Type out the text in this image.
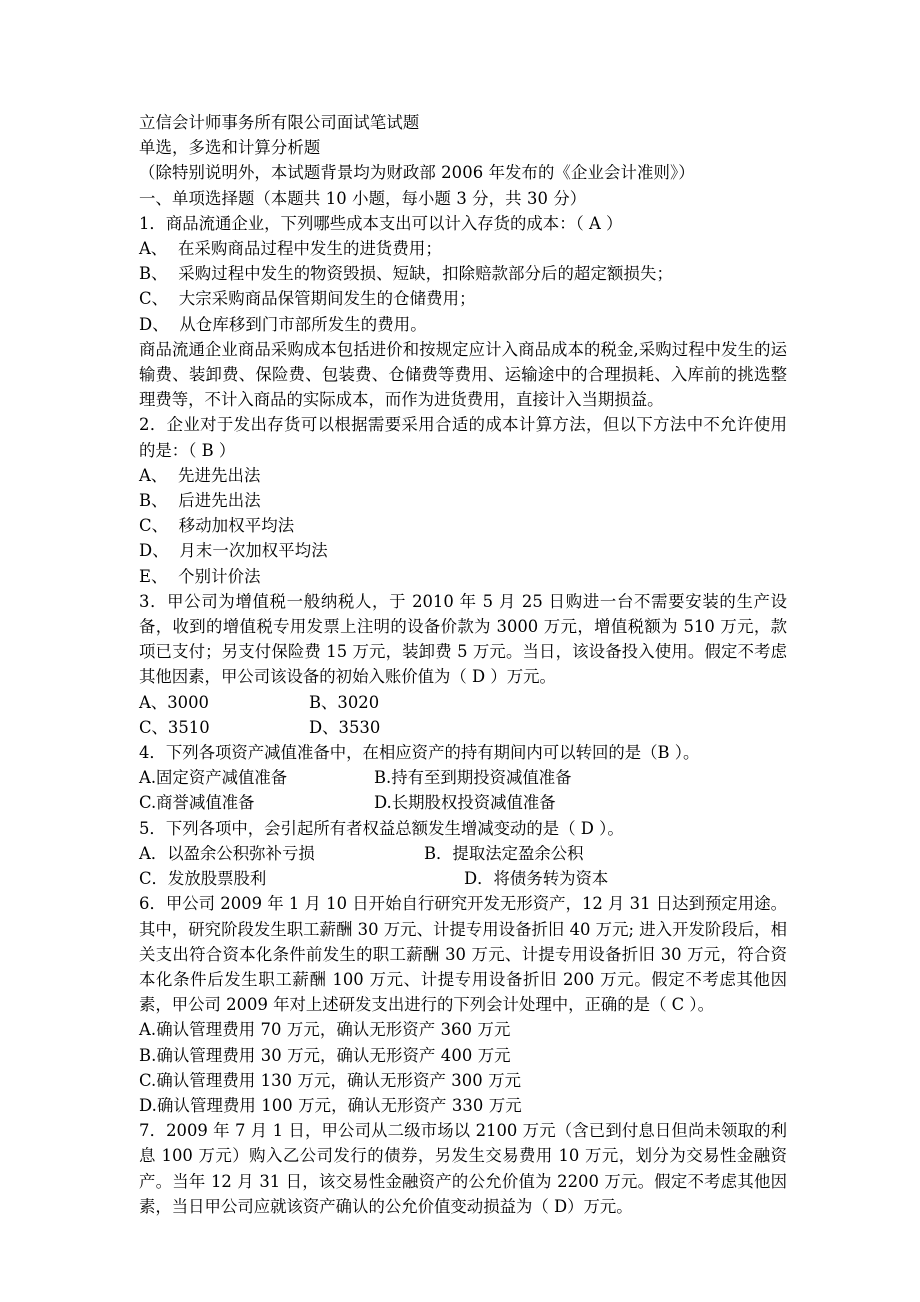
立信会计师事务所有限公司面试笔试题

单选，多选和计算分析题

（除特别说明外，本试题背景均为财政部 2006 年发布的《企业会计准则》）

一、单项选择题（本题共 10 小题，每小题 3 分，共 30 分）

1．商品流通企业，下列哪些成本支出可以计入存货的成本：（ A ）

A、  在采购商品过程中发生的进货费用；

B、  采购过程中发生的物资毁损、短缺，扣除赔款部分后的超定额损失；

C、  大宗采购商品保管期间发生的仓储费用；

D、  从仓库移到门市部所发生的费用。

商品流通企业商品采购成本包括进价和按规定应计入商品成本的税金,采购过程中发生的运输费、装卸费、保险费、包装费、仓储费等费用、运输途中的合理损耗、入库前的挑选整理费等，不计入商品的实际成本，而作为进货费用，直接计入当期损益。

2．企业对于发出存货可以根据需要采用合适的成本计算方法，但以下方法中不允许使用的是：（ B ）

A、  先进先出法

B、  后进先出法

C、  移动加权平均法

D、  月末一次加权平均法

E、  个别计价法

3．甲公司为增值税一般纳税人，于 2010 年 5 月 25 日购进一台不需要安装的生产设备，收到的增值税专用发票上注明的设备价款为 3000 万元，增值税额为 510 万元，款项已支付；另支付保险费 15 万元，装卸费 5 万元。当日，该设备投入使用。假定不考虑其他因素，甲公司该设备的初始入账价值为（ D ）万元。

A、3000	B、3020
C、3510	D、3530

4．下列各项资产减值准备中，在相应资产的持有期间内可以转回的是（B ）。

A.固定资产减值准备	B.持有至到期投资减值准备
C.商誉减值准备	D.长期股权投资减值准备

5．下列各项中，会引起所有者权益总额发生增减变动的是（ D ）。

A．以盈余公积弥补亏损	B．提取法定盈余公积
C．发放股票股利	D．将债务转为资本

6．甲公司 2009 年 1 月 10 日开始自行研究开发无形资产，12 月 31 日达到预定用途。其中，研究阶段发生职工薪酬 30 万元、计提专用设备折旧 40 万元; 进入开发阶段后，相关支出符合资本化条件前发生的职工薪酬 30 万元、计提专用设备折旧 30 万元，符合资本化条件后发生职工薪酬 100 万元、计提专用设备折旧 200 万元。假定不考虑其他因素，甲公司 2009 年对上述研发支出进行的下列会计处理中，正确的是（ C ）。

A.确认管理费用 70 万元，确认无形资产 360 万元

B.确认管理费用 30 万元，确认无形资产 400 万元

C.确认管理费用 130 万元，确认无形资产 300 万元

D.确认管理费用 100 万元，确认无形资产 330 万元

7．2009 年 7 月 1 日，甲公司从二级市场以 2100 万元（含已到付息日但尚未领取的利息 100 万元）购入乙公司发行的债券，另发生交易费用 10 万元，划分为交易性金融资产。当年 12 月 31 日，该交易性金融资产的公允价值为 2200 万元。假定不考虑其他因素，当日甲公司应就该资产确认的公允价值变动损益为（ D）万元。
